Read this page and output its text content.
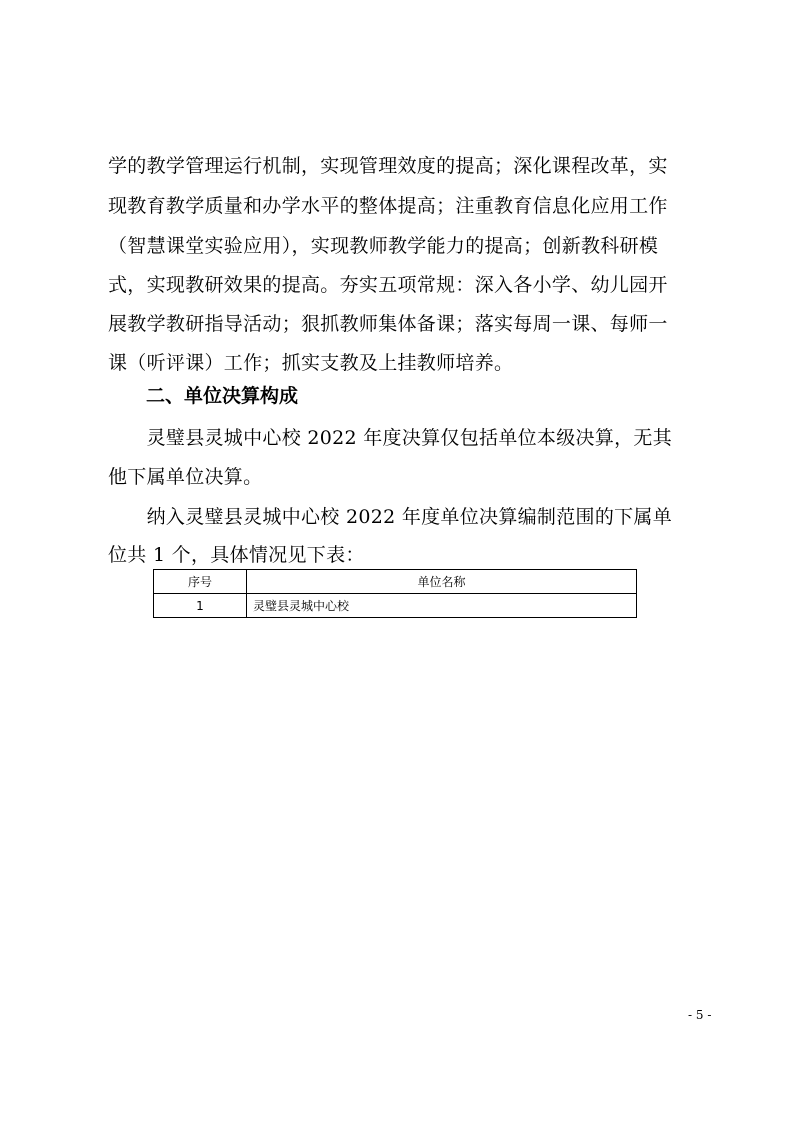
学的教学管理运行机制，实现管理效度的提高；深化课程改革，实
现教育教学质量和办学水平的整体提高；注重教育信息化应用工作
（智慧课堂实验应用），实现教师教学能力的提高；创新教科研模
式，实现教研效果的提高。夯实五项常规：深入各小学、幼儿园开
展教学教研指导活动；狠抓教师集体备课；落实每周一课、每师一
课（听评课）工作；抓实支教及上挂教师培养。
二、单位决算构成
　　灵璧县灵城中心校 2022 年度决算仅包括单位本级决算，无其
他下属单位决算。
　　纳入灵璧县灵城中心校 2022 年度单位决算编制范围的下属单
位共 1 个，具体情况见下表：
序号	单位名称
1	灵璧县灵城中心校
- 5 -
